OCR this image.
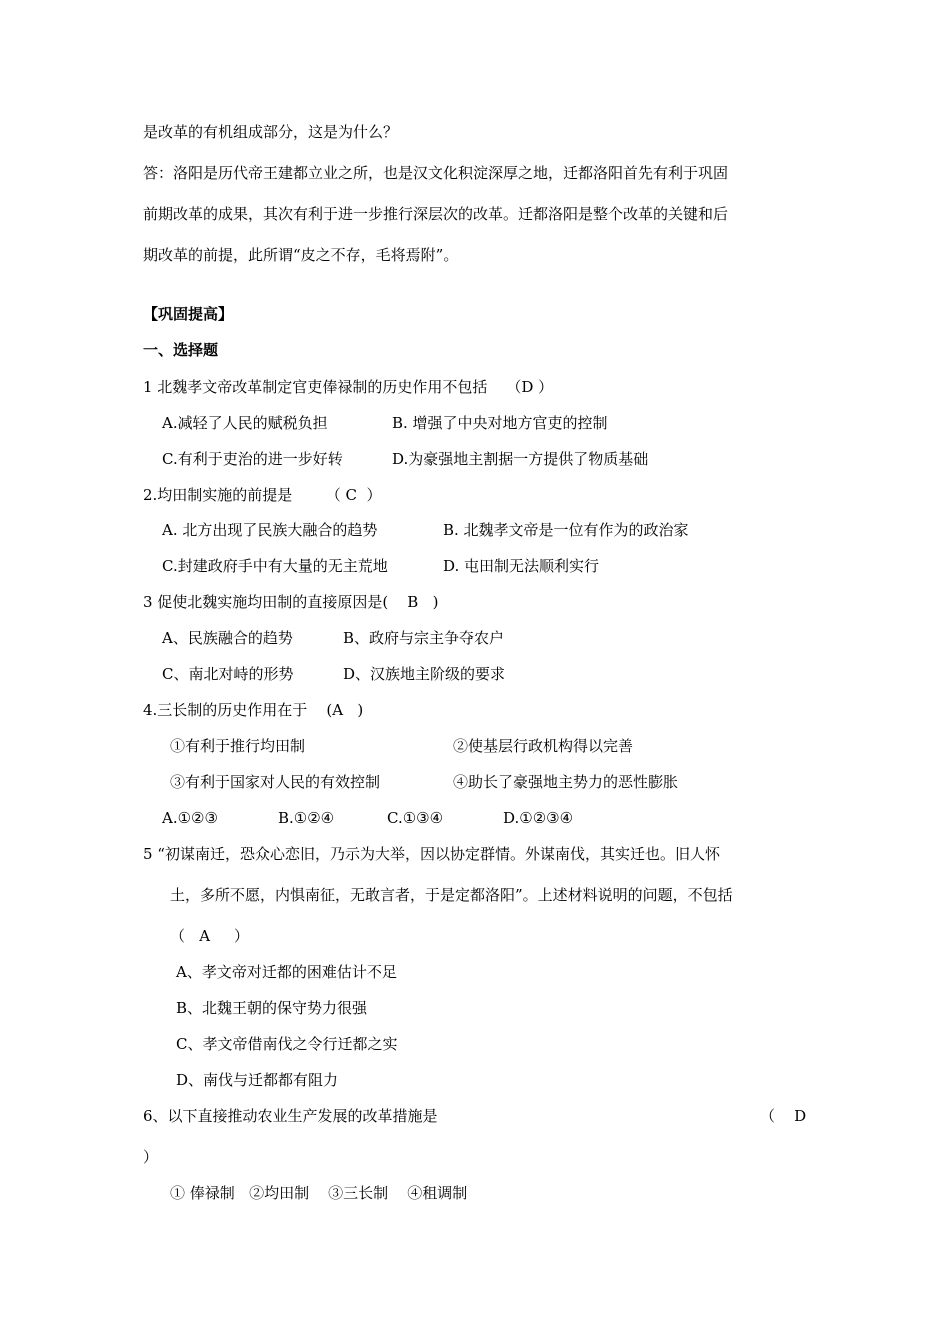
是改革的有机组成部分，这是为什么？
答：洛阳是历代帝王建都立业之所，也是汉文化积淀深厚之地，迁都洛阳首先有利于巩固
前期改革的成果，其次有利于进一步推行深层次的改革。迁都洛阳是整个改革的关键和后
期改革的前提，此所谓“皮之不存，毛将焉附”。
【巩固提高】
一、选择题
1 北魏孝文帝改革制定官吏俸禄制的历史作用不包括    （D ）
A.减轻了人民的赋税负担	B. 增强了中央对地方官吏的控制
C.有利于吏治的进一步好转	D.为豪强地主割据一方提供了物质基础
2.均田制实施的前提是       （ C  ）
A. 北方出现了民族大融合的趋势	B. 北魏孝文帝是一位有作为的政治家
C.封建政府手中有大量的无主荒地	D. 屯田制无法顺利实行
3 促使北魏实施均田制的直接原因是(    B   )
A、民族融合的趋势	B、政府与宗主争夺农户
C、南北对峙的形势	D、汉族地主阶级的要求
4.三长制的历史作用在于    (A   )
①有利于推行均田制	②使基层行政机构得以完善
③有利于国家对人民的有效控制	④助长了豪强地主势力的恶性膨胀
A.①②③	B.①②④	C.①③④	D.①②③④
5 “初谋南迁，恐众心恋旧，乃示为大举，因以协定群情。外谋南伐，其实迁也。旧人怀
土，多所不愿，内惧南征，无敢言者，于是定都洛阳”。上述材料说明的问题，不包括
（   A     ）
A、孝文帝对迁都的困难估计不足
B、北魏王朝的保守势力很强
C、孝文帝借南伐之令行迁都之实
D、南伐与迁都都有阻力
6、以下直接推动农业生产发展的改革措施是	（    D
）
① 俸禄制   ②均田制    ③三长制    ④租调制
